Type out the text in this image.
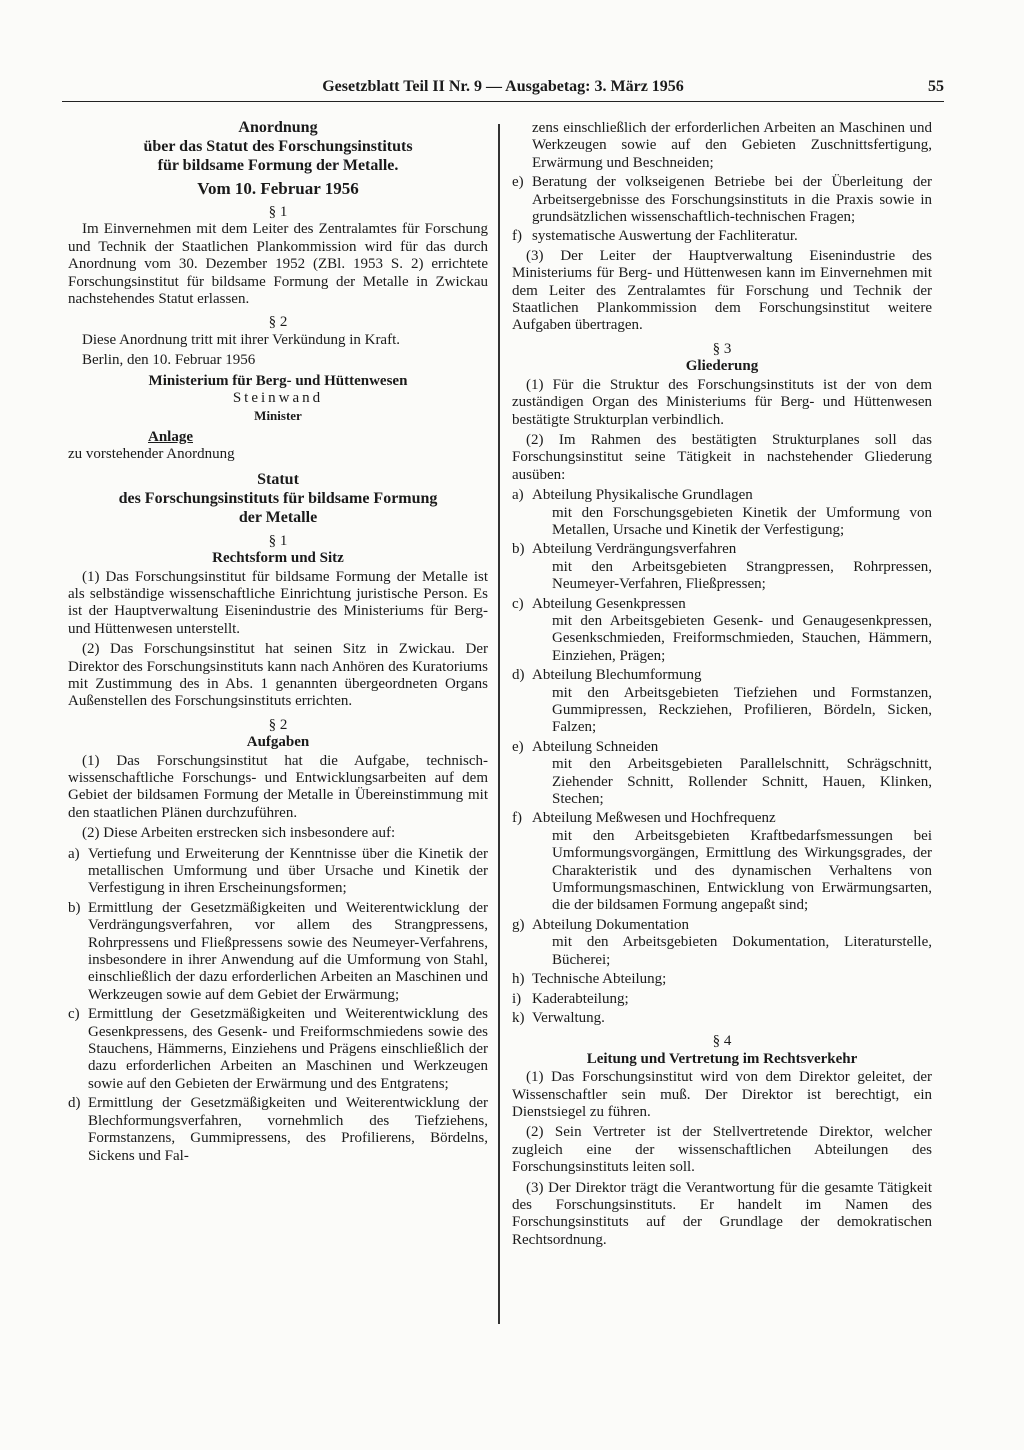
Gesetzblatt Teil II Nr. 9 — Ausgabetag: 3. März 1956	55
Anordnung
über das Statut des Forschungsinstituts
für bildsame Formung der Metalle.
Vom 10. Februar 1956
§ 1

Im Einvernehmen mit dem Leiter des Zentralamtes für Forschung und Technik der Staatlichen Plankommission wird für das durch Anordnung vom 30. Dezember 1952 (ZBl. 1953 S. 2) errichtete Forschungsinstitut für bildsame Formung der Metalle in Zwickau nachstehendes Statut erlassen.

§ 2

Diese Anordnung tritt mit ihrer Verkündung in Kraft.

Berlin, den 10. Februar 1956

Ministerium für Berg- und Hüttenwesen
Steinwand
Minister
Anlage
zu vorstehender Anordnung
Statut
des Forschungsinstituts für bildsame Formung
der Metalle
§ 1
Rechtsform und Sitz

(1) Das Forschungsinstitut für bildsame Formung der Metalle ist als selbständige wissenschaftliche Einrichtung juristische Person. Es ist der Hauptverwaltung Eisenindustrie des Ministeriums für Berg- und Hüttenwesen unterstellt.

(2) Das Forschungsinstitut hat seinen Sitz in Zwickau. Der Direktor des Forschungsinstituts kann nach Anhören des Kuratoriums mit Zustimmung des in Abs. 1 genannten übergeordneten Organs Außenstellen des Forschungsinstituts errichten.

§ 2
Aufgaben

(1) Das Forschungsinstitut hat die Aufgabe, technisch-wissenschaftliche Forschungs- und Entwicklungsarbeiten auf dem Gebiet der bildsamen Formung der Metalle in Übereinstimmung mit den staatlichen Plänen durchzuführen.

(2) Diese Arbeiten erstrecken sich insbesondere auf:

a) Vertiefung und Erweiterung der Kenntnisse über die Kinetik der metallischen Umformung und über Ursache und Kinetik der Verfestigung in ihren Erscheinungsformen;
b) Ermittlung der Gesetzmäßigkeiten und Weiterentwicklung der Verdrängungsverfahren, vor allem des Strangpressens, Rohrpressens und Fließpressens sowie des Neumeyer-Verfahrens, insbesondere in ihrer Anwendung auf die Umformung von Stahl, einschließlich der dazu erforderlichen Arbeiten an Maschinen und Werkzeugen sowie auf dem Gebiet der Erwärmung;
c) Ermittlung der Gesetzmäßigkeiten und Weiterentwicklung des Gesenkpressens, des Gesenk- und Freiformschmiedens sowie des Stauchens, Hämmerns, Einziehens und Prägens einschließlich der dazu erforderlichen Arbeiten an Maschinen und Werkzeugen sowie auf den Gebieten der Erwärmung und des Entgratens;
d) Ermittlung der Gesetzmäßigkeiten und Weiterentwicklung der Blechformungsverfahren, vornehmlich des Tiefziehens, Formstanzens, Gummipressens, des Profilierens, Bördelns, Sickens und Fal-
zens einschließlich der erforderlichen Arbeiten an Maschinen und Werkzeugen sowie auf den Gebieten Zuschnittsfertigung, Erwärmung und Beschneiden;
e) Beratung der volkseigenen Betriebe bei der Überleitung der Arbeitsergebnisse des Forschungsinstituts in die Praxis sowie in grundsätzlichen wissenschaftlich-technischen Fragen;
f) systematische Auswertung der Fachliteratur.

(3) Der Leiter der Hauptverwaltung Eisenindustrie des Ministeriums für Berg- und Hüttenwesen kann im Einvernehmen mit dem Leiter des Zentralamtes für Forschung und Technik der Staatlichen Plankommission dem Forschungsinstitut weitere Aufgaben übertragen.

§ 3
Gliederung

(1) Für die Struktur des Forschungsinstituts ist der von dem zuständigen Organ des Ministeriums für Berg- und Hüttenwesen bestätigte Strukturplan verbindlich.

(2) Im Rahmen des bestätigten Strukturplanes soll das Forschungsinstitut seine Tätigkeit in nachstehender Gliederung ausüben:

a) Abteilung Physikalische Grundlagen
mit den Forschungsgebieten Kinetik der Umformung von Metallen, Ursache und Kinetik der Verfestigung;
b) Abteilung Verdrängungsverfahren
mit den Arbeitsgebieten Strangpressen, Rohrpressen, Neumeyer-Verfahren, Fließpressen;
c) Abteilung Gesenkpressen
mit den Arbeitsgebieten Gesenk- und Genaugesenkpressen, Gesenkschmieden, Freiformschmieden, Stauchen, Hämmern, Einziehen, Prägen;
d) Abteilung Blechumformung
mit den Arbeitsgebieten Tiefziehen und Formstanzen, Gummipressen, Reckziehen, Profilieren, Bördeln, Sicken, Falzen;
e) Abteilung Schneiden
mit den Arbeitsgebieten Parallelschnitt, Schrägschnitt, Ziehender Schnitt, Rollender Schnitt, Hauen, Klinken, Stechen;
f) Abteilung Meßwesen und Hochfrequenz
mit den Arbeitsgebieten Kraftbedarfsmessungen bei Umformungsvorgängen, Ermittlung des Wirkungsgrades, der Charakteristik und des dynamischen Verhaltens von Umformungsmaschinen, Entwicklung von Erwärmungsarten, die der bildsamen Formung angepaßt sind;
g) Abteilung Dokumentation
mit den Arbeitsgebieten Dokumentation, Literaturstelle, Bücherei;
h) Technische Abteilung;
i) Kaderabteilung;
k) Verwaltung.
§ 4
Leitung und Vertretung im Rechtsverkehr

(1) Das Forschungsinstitut wird von dem Direktor geleitet, der Wissenschaftler sein muß. Der Direktor ist berechtigt, ein Dienstsiegel zu führen.

(2) Sein Vertreter ist der Stellvertretende Direktor, welcher zugleich eine der wissenschaftlichen Abteilungen des Forschungsinstituts leiten soll.

(3) Der Direktor trägt die Verantwortung für die gesamte Tätigkeit des Forschungsinstituts. Er handelt im Namen des Forschungsinstituts auf der Grundlage der demokratischen Rechtsordnung.
